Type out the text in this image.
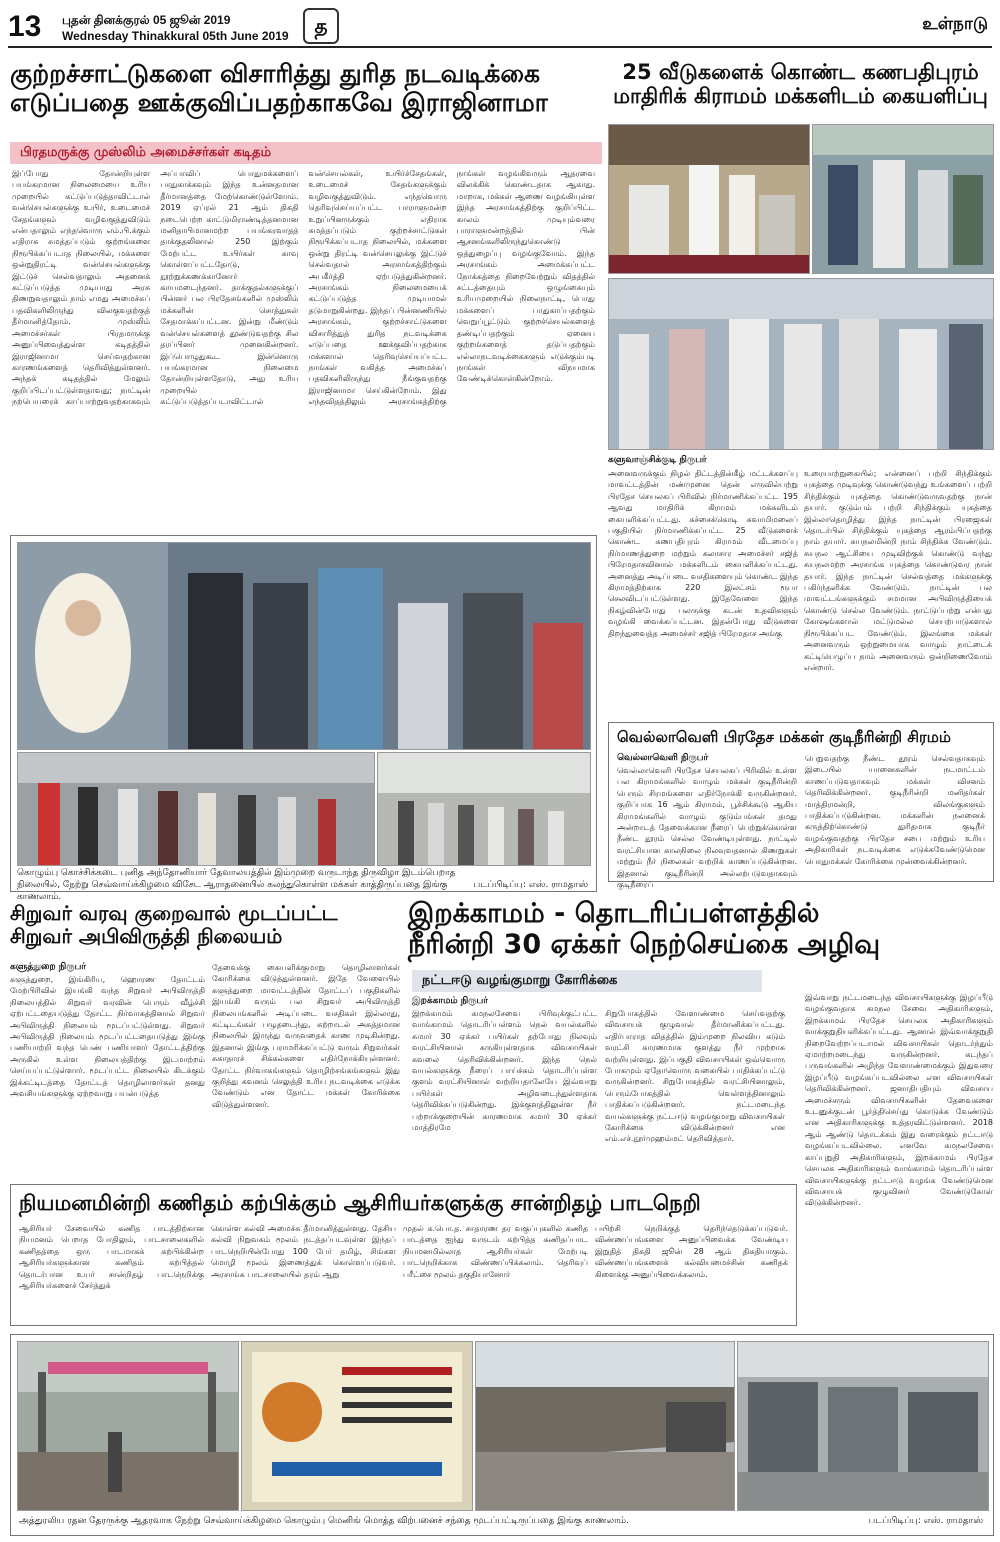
13 புதன் தினக்குரல் 05 ஜூன் 2019
Wednesday Thinakkural 05th June 2019	த	உள்நாடு
குற்றச்சாட்டுகளை விசாரித்து துரித நடவடிக்கை
எடுப்பதை ஊக்குவிப்பதற்காகவே இராஜினாமா
பிரதமருக்கு முஸ்லிம் அமைச்சர்கள் கடிதம்
இப்போது தோன்றியுள்ள பயங்கரமான நிலைமையை உரிய முறையில் கட்டுப்படுத்தாவிட்டால் வன்செயல்களுக்கு உயிர், உடைமைச் சேதங்களும் வழிவகுத்துவிடும் என்பதாலும் எந்தவொரு எம்.பி.க்கும் எதிராக சுமத்தப்படும் குற்றங்களை நிரூபிக்கப்படாத நிலையில், மக்களை ஒன்றுதிரட்டி வன்செயல்களுக்கு இட்டுச் செல்வதாலும் அதனைக் கட்டுப்படுத்த முடியாது அரசு திணறுவதாலும் நாம் எமது அமைச்சுப் பதவிகளிலிருந்து விலகுவதற்குத் தீர்மானித்தோம். முஸ்லிம் அமைச்சர்கள் பிரதமருக்கு அனுப்பிவைத்துள்ள கடிதத்தில் இராஜினாமா செய்வதற்கான காரணங்களைத் தெரிவித்துள்ளனர். அந்தக் கடிதத்தில் மேலும் குறிப்பிடப்பட்டுள்ளதாவது; நாட்டின் நற்பெயரைக் காப்பாற்றுவதற்காகவும் அப்பாவிப் பொதுமக்களைப் பாதுகாக்கவும் இந்த உன்னதமான தீர்மானத்தை மேற்கொண்டுள்ளோம். 2019 ஏப்ரல் 21 ஆம் திகதி நடைபெற்ற காட்டுமிராண்டித்தனமான மனிதாபிமானமற்ற பயங்கரவாதத் தாக்குதலினால் 250 இற்கும் மேற்பட்ட உயிர்கள் காவு கொள்ளப்பட்டதோடு, நூற்றுக்கணக்கானோர் காயமடைந்தனர். தாக்குதல்களுக்குப் பின்னர் பல பிரதேசங்களில் முஸ்லிம் மக்களின் சொத்துகள் சேதமாக்கப்பட்டன. இன்று மீண்டும் வன்செயல்களைத் தூண்டுவதற்கு சில தரப்பினர் முனைகின்றனர். இப்பொழுதுகூட இன்னொரு பயங்கரமான நிலைமை தோன்றியுள்ளதோடு, அது உரிய முறையில் கட்டுப்படுத்தப்படாவிட்டால் வன்செயல்கள், உயிர்ச்சேதங்கள், உடைமைச் சேதங்களுக்கும் வழிவகுத்துவிடும். எந்தவொரு தெரிவுசெய்யப்பட்ட பாராளுமன்ற உறுப்பினருக்கும் எதிராக சுமத்தப்படும் குற்றச்சாட்டுகள் நிரூபிக்கப்படாத நிலையில், மக்களை ஒன்று திரட்டி வன்செயலுக்கு இட்டுச் செல்வதால் அரசாங்கத்திற்கும் அபகீர்த்தி ஏற்படுத்துகின்றனர். அரசாங்கம் நிலைமையைக் கட்டுப்படுத்த முடியாமல் தடுமாறுகின்றது. இந்தப் பின்னணியில் அரசாங்கம், குற்றச்சாட்டுகளை விசாரித்துத் துரித நடவடிக்கை எடுப்பதை ஊக்குவிப்பதற்காக மக்களால் தெரிவுசெய்யப்பட்ட நாங்கள் வகித்த அமைச்சுப் பதவிகளிலிருந்து நீங்குவதற்கு இராஜினாமா செய்கின்றோம். இது எந்தவிதத்திலும் அரசாங்கத்திற்கு நாங்கள் வழங்கிவரும் ஆதரவை விலக்கிக் கொண்டதாக ஆகாது. மாறாக, மக்கள் ஆணை வழங்கியுள்ள இந்த அரசாங்கத்திற்கு குறிப்பிட்ட காலம் முடியும்வரை பாராளுமன்றத்தில் பின் ஆசனங்களிலிருந்துகொண்டு ஒத்துழைப்பு வழங்குவோம். இந்த அரசாங்கம் அமைக்கப்பட்ட நோக்கத்தை நிறைவேற்றும் விதத்தில் சட்டத்தையும் ஒழுங்கையும் உரியமுறையில் நிலைநாட்டி, பொது மக்களைப் பாதுகாப்பதற்கும் வெறுப்பூட்டும் குற்றச்செயல்களைத் தண்டிப்பதற்கும் ஏனைய குற்றங்களைத் தடுப்பதற்கும் எல்லாநடவடிக்கைகளும் எடுக்கும்படி நாங்கள் விநயமாக வேண்டிக்கொள்கின்றோம்.
25 வீடுகளைக் கொண்ட கணபதிபுரம்
மாதிரிக் கிராமம் மக்களிடம் கையளிப்பு
களுவாஞ்சிக்குடி நிருபர்
அனைவருக்கும் நிழல் திட்டத்தின்கீழ் மட்டக்களப்பு மாவட்டத்தின் மண்முனை தென் எருவில்பற்று பிரதேச செயலகப் பிரிவில் நிர்மாணிக்கப்பட்ட 195 ஆவது மாதிரிக் கிராமம் மக்களிடம் கையளிக்கப்பட்டது. கச்சைக்கொடி சுவாமிமலைப் பகுதியில் நிர்மாணிக்கப்பட்ட 25 வீடுகளைக் கொண்ட கணபதிபுரம் கிராமம் வீடமைப்பு நிர்மாணத்துறை மற்றும் கலாசார அமைச்சர் சஜித் பிரேமதாசவினால் மக்களிடம் கையளிக்கப்பட்டது. அனைத்து அடிப்படை வசதிகளையும் கொண்ட இந்த கிராமத்திற்காக 220 இலட்சம் ரூபா செலவிடப்பட்டுள்ளது. இதேவேளை இந்த நிகழ்வின்போது பலருக்கு கடன் உதவிகளும் வழங்கி வைக்கப்பட்டன. இதன்போது வீடுகளை திறந்துவைத்த அமைச்சர் சஜித் பிரேமதாச அங்கு
உரையாற்றுகையில்; என்னைப் பற்றி சிந்திக்கும் யுகத்தை முடிவுக்கு கொண்டுவந்து உங்களைப் பற்றி சிந்திக்கும் யுகத்தை கொண்டுவருவதற்கு நான் தயார். குடும்பம் பற்றி சிந்திக்கும் யுகத்தை இல்லாதொழித்து இந்த நாட்டின் பிரஜைகள் தொடர்பில் சிந்திக்கும் யுகத்தை ஆரம்பிப்பதற்கு நாம் தயார். சுயநலமின்றி நாம் சிந்திக்க வேண்டும். சுயநல ஆட்சியை முடிவிற்குக் கொண்டு வந்து சுயநலமற்ற அரசாங்க யுகத்தை கொண்டுவர நான் தயார். இந்த நாட்டின் செல்வத்தை மக்களுக்கு பகிர்ந்தளிக்க வேண்டும். நாட்டின் பல மாவட்டங்களுக்கும் சமமான அபிவிருத்தியைக் கொண்டு செல்ல வேண்டும். நாட்டுப்பற்று என்பது கோஷங்களால் மட்டுமல்ல செயற்பாடுகளால் நிரூபிக்கப்பட வேண்டும். இலங்கை மக்கள் அனைவரும் ஒற்றுமையாக வாழும் நாட்டைக் கட்டியெழுப்ப நாம் அனைவரும் ஒன்றிணைவோம் என்றார்.
கொழும்பு கொச்சிக்கடை புனித அந்தோனியார் தேவாலயத்தில் இம்முறை வருடாந்த திருவிழா இடம்பெறாத நிலையில், நேற்று செவ்வாய்க்கிழமை விசேட ஆராதனையில் கலந்துகொள்ள மக்கள் காத்திருப்பதை இங்கு காணலாம்.
படப்பிடிப்பு: எஸ். ராமதாஸ்
வெல்லாவெளி பிரதேச மக்கள் குடிநீரின்றி சிரமம்
வெல்லாவெளி நிருபர்
வெல்லாவெளி பிரதேச செயலகப் பிரிவில் உள்ள பல கிராமங்களில் வாழும் மக்கள் குடிநீரின்றி பெரும் சிரமங்களை எதிர்நோக்கி வருகின்றனர். குறிப்பாக 16 ஆம் கிராமம், பூச்சிக்கூடு ஆகிய கிராமங்களில் வாழும் குடும்பங்கள் தமது அன்றாடத் தேவைக்கான நீரைப் பெற்றுக்கொள்ள நீண்ட தூரம் செல்ல வேண்டியுள்ளது. நாட்டில் வரட்சியான காலநிலை நிலவுவதனால் கிணறுகள் மற்றும் நீர் நிலைகள் வற்றிக் காணப்படுகின்றன. இதனால் குடிநீரின்றி அல்லற்படுவதாகவும் குடிநீரைப்
பெறுவதற்கு நீண்ட தூரம் செல்வதாகவும் இடையில் யானைகளின் நடமாட்டம் காணப்படுவதாகவும் மக்கள் விசனம் தெரிவிக்கின்றனர். குடிநீரின்றி மனிதர்கள் மாத்திரமன்றி, விலங்குகளும் பாதிக்கப்படுகின்றன. மக்களின் நலனைக் கருத்திற்கொண்டு துரிதமாக குடிநீர் வழங்குவதற்கு பிரதேச சபை மற்றும் உரிய அதிகாரிகள் நடவடிக்கை எடுக்கவேண்டுமென பொதுமக்கள் கோரிக்கை முன்வைக்கின்றனர்.
சிறுவர் வரவு குறைவால் மூடப்பட்ட
சிறுவர் அபிவிருத்தி நிலையம்
களுத்துறை நிருபர்
களுத்துறை, இங்கிரிய, ஹொரண தோட்டம் மேற்பிரிவில் இயங்கி வந்த சிறுவர் அபிவிருத்தி நிலையத்தில் சிறுவர் வரவின் பெரும் வீழ்ச்சி ஏற்பட்டதையடுத்து தோட்ட நிர்வாகத்தினால் சிறுவர் அபிவிருத்தி நிலையம் மூடப்பட்டுள்ளது. சிறுவர் அபிவிருத்தி நிலையம் மூடப்பட்டதையடுத்து இங்கு பணியாற்றி வந்த பெண் பணியாளர் தோட்டத்திற்கு அருகில் உள்ள நிலையத்திற்கு இடமாற்றம் செய்யப்பட்டுள்ளார். மூடப்பட்ட நிலையில் கிடக்கும் இக்கட்டிடத்தை தோட்டத் தொழிலாளர்கள் தனது அவசியங்களுக்கு ஏற்றவாறு பயன்படுத்த
தேவைக்கு கையளிக்குமாறு தொழிலாளர்கள் கோரிக்கை விடுத்துள்ளனர். இதே வேளையில் களுத்துறை மாவட்டத்தின் தோட்டப் பகுதிகளில் இயங்கி வரும் பல சிறுவர் அபிவிருத்தி நிலையங்களில் அடிப்படை வசதிகள் இல்லாது, கட்டிடங்கள் பழுதடைந்து, சுற்றாடல் அசுத்தமான நிலையில் இருந்து வருவதைக் காண முடிகின்றது. இதனால் இங்கு பராமரிக்கப்பட்டு வரும் சிறுவர்கள் சுகாதாரச் சிக்கல்களை எதிர்நோக்கியுள்ளனர். தோட்ட நிர்வாகங்களும் தொழிற்சங்கங்களும் இது குறித்து கவனம் செலுத்தி உரிய நடவடிக்கை எடுக்க வேண்டும் என தோட்ட மக்கள் கோரிக்கை விடுத்துள்ளனர்.
இறக்காமம் - தொடரிப்பள்ளத்தில்
நீரின்றி 30 ஏக்கர் நெற்செய்கை அழிவு
நட்டஈடு வழங்குமாறு கோரிக்கை
இறக்காமம் நிருபர்
இறக்காமம் கமநலசேவை பிரிவுக்குட்பட்ட வாங்காமம் தொடரிப்பள்ளம் நெல் வயல்களில் சுமார் 30 ஏக்கர் பயிர்கள் தற்போது நிலவும் வரட்சியினால் கருகியுள்ளதாக விவசாயிகள் கவலை தெரிவிக்கின்றனர். இந்த நெல் வயல்களுக்கு நீரைப் பாய்ச்சும் தொடரிப்பள்ள குளம் வரட்சியினால் வற்றியதாலேயே இவ்வாறு பயிர்கள் அழிவடைந்துள்ளதாக தெரிவிக்கப்படுகின்றது. இக்குளத்திலுள்ள நீர் பற்றாக்குறையின் காரணமாக சுமார் 30 ஏக்கர் மாத்திரமே
சிறுபோகத்தில் வேளாண்மை செய்வதற்கு விவசாயக் குழுவால் தீர்மானிக்கப்பட்டது. எதிர்பாராத விதத்தில் இம்முறை நிலவிய கடும் வரட்சி காரணமாக குளத்து நீர் முற்றாக வற்றியுள்ளது. இப்பகுதி விவசாயிகள் ஒவ்வொரு போகமும் ஏதோவொரு வகையில் பாதிக்கப்பட்டு வருகின்றனர். சிறுபோகத்தில் வரட்சியினாலும், பெரும்போகத்தில் வெள்ளத்தினாலும் பாதிக்கப்படுகின்றனர். நட்டமடைந்த வயல்களுக்கு நட்டஈடு வழங்குமாறு விவசாயிகள் கோரிக்கை விடுக்கின்றனர் என எம்.எச்.நூர்முஹம்மட் தெரிவித்தார்.
இவ்வாறு நட்டமடைந்த விவசாயிகளுக்கு இழப்பீடு வழங்குவதாக கமநல சேவை அதிகாரிகளும், இறக்காமம் பிரதேச செயலக அதிகாரிகளும் வாக்குறுதியளிக்கப்பட்டது. ஆனால் இவ்வாக்குறுதி நிறைவேற்றப்படாமல் விவசாயிகள் தொடர்ந்தும் ஏமாற்றமடைந்து வருகின்றனர். கடந்தப் பருவங்களில் அழிந்த வேளாண்மைக்கும் இதுவரை இழப்பீடு வழங்கப்படவில்லை என விவசாயிகள் தெரிவிக்கின்றனர். ஜனாதிபதியும் விவசாய அமைச்சரும் விவசாயிகளின் தேவைகளை உடனுக்குடன் பூர்த்திசெய்து கொடுக்க வேண்டும் என அதிகாரிகளுக்கு உத்தரவிட்டுள்ளனர். 2018 ஆம் ஆண்டு தொடக்கம் இது வரைக்கும் நட்டஈடு வழங்கப்படவில்லை. எனவே கமநலசேவை காப்புறுதி அதிகாரிகளும், இறக்காமம் பிரதேச செயலக அதிகாரிகளும் வாங்காமம் தொடரிப்பள்ள விவசாயிகளுக்கு நட்டஈடு வழங்க வேண்டுமென விவசாயக் குழுவினர் வேண்டுகோள் விடுக்கின்றனர்.
நியமனமின்றி கணிதம் கற்பிக்கும் ஆசிரியர்களுக்கு சான்றிதழ் பாடநெறி
ஆசிரியர் சேவையில் கணித பாடத்திற்கான நியமனம் பெறாத போதிலும், பாடசாலைகளில் கணிதத்தை ஒரு பாடமாகக் கற்பிக்கின்ற ஆசிரியர்களுக்கான கணிதம் கற்பித்தல் தொடர்பான உயர் சான்றிதழ் பாடநெறிக்கு ஆசிரியர்களைச் சேர்த்துக்
கொள்ள கல்வி அமைச்சு தீர்மானித்துள்ளது. தேசிய கல்வி நிறுவகம் மூலம் நடத்தப்படவுள்ள இந்தப் பாடநெறியின்போது 100 பேர் தமிழ், சிங்கள மொழி மூலம் இணைத்துக் கொள்ளப்படுவர். அரசாங்க பாடசாலையில் தரம் ஆறு
முதல் க.பொ.த. சாதாரண தர வகுப்புகளில் கணித பாடத்தை ஐந்து வருடம் கற்பித்த கணிதப்பாட நியமனமில்லாத ஆசிரியர்கள் மேற்படி பாடநெறிக்காக விண்ணப்பிக்கலாம். தெரிவுப் பரீட்சை மூலம் தகுதியானோர்
பயிற்சி நெறிக்குத் தெரிந்தெடுக்கப்படுவர். விண்ணப்பங்களை அனுப்பிவைக்க வேண்டிய இறுதித் திகதி ஜூன் 28 ஆம் திகதியாகும். விண்ணப்பங்களைக் கல்வியமைச்சின் கணிதக் கிளைக்கு அனுப்பிவைக்கலாம்.
அத்துரலிய ரதன தேரருக்கு ஆதரவாக நேற்று செவ்வாய்க்கிழமை கொழும்பு மெனிங் மொத்த விற்பனைச் சந்தை மூடப்பட்டிருப்பதை இங்கு காணலாம்.	படப்பிடிப்பு: எஸ். ராமதாஸ்
